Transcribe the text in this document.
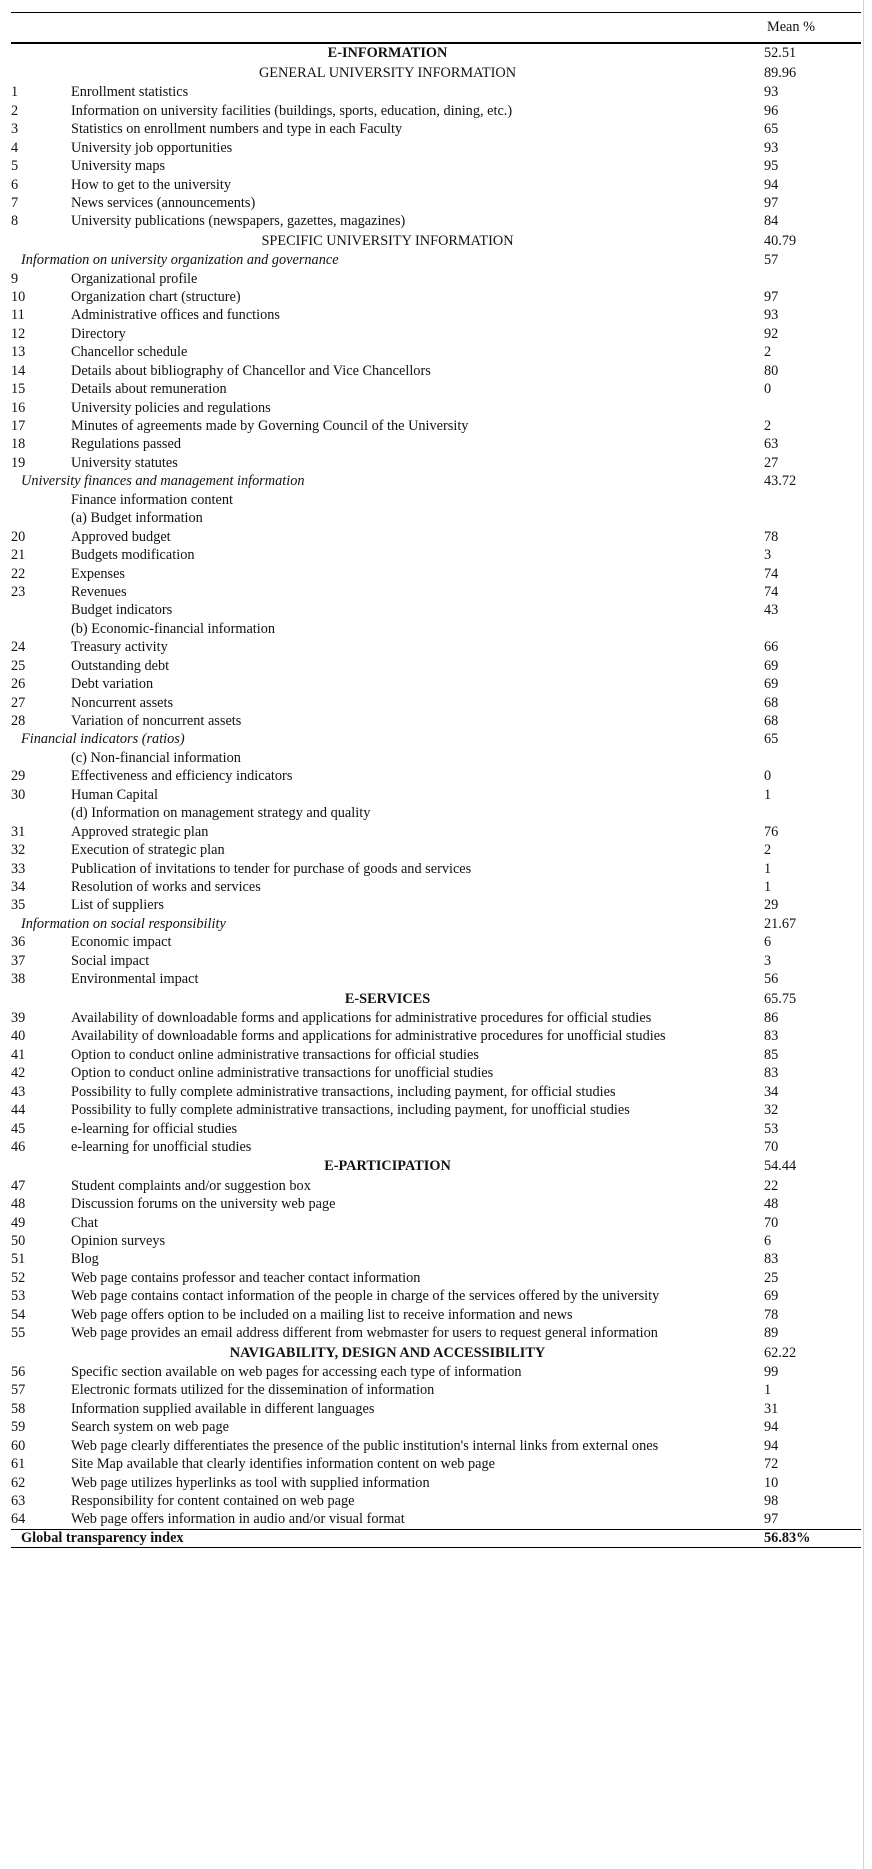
		Mean %
E-INFORMATION		52.51
GENERAL UNIVERSITY INFORMATION		89.96
1	Enrollment statistics	93
2	Information on university facilities (buildings, sports, education, dining, etc.)	96
3	Statistics on enrollment numbers and type in each Faculty	65
4	University job opportunities	93
5	University maps	95
6	How to get to the university	94
7	News services (announcements)	97
8	University publications (newspapers, gazettes, magazines)	84
SPECIFIC UNIVERSITY INFORMATION		40.79
Information on university organization and governance		57
9	Organizational profile	
10	Organization chart (structure)	97
11	Administrative offices and functions	93
12	Directory	92
13	Chancellor schedule	2
14	Details about bibliography of Chancellor and Vice Chancellors	80
15	Details about remuneration	0
16	University policies and regulations	
17	Minutes of agreements made by Governing Council of the University	2
18	Regulations passed	63
19	University statutes	27
University finances and management information		43.72
	Finance information content	
	(a) Budget information	
20	Approved budget	78
21	Budgets modification	3
22	Expenses	74
23	Revenues	74
	Budget indicators	43
	(b) Economic-financial information	
24	Treasury activity	66
25	Outstanding debt	69
26	Debt variation	69
27	Noncurrent assets	68
28	Variation of noncurrent assets	68
Financial indicators (ratios)		65
	(c) Non-financial information	
29	Effectiveness and efficiency indicators	0
30	Human Capital	1
	(d) Information on management strategy and quality	
31	Approved strategic plan	76
32	Execution of strategic plan	2
33	Publication of invitations to tender for purchase of goods and services	1
34	Resolution of works and services	1
35	List of suppliers	29
Information on social responsibility		21.67
36	Economic impact	6
37	Social impact	3
38	Environmental impact	56
E-SERVICES		65.75
39	Availability of downloadable forms and applications for administrative procedures for official studies	86
40	Availability of downloadable forms and applications for administrative procedures for unofficial studies	83
41	Option to conduct online administrative transactions for official studies	85
42	Option to conduct online administrative transactions for unofficial studies	83
43	Possibility to fully complete administrative transactions, including payment, for official studies	34
44	Possibility to fully complete administrative transactions, including payment, for unofficial studies	32
45	e-learning for official studies	53
46	e-learning for unofficial studies	70
E-PARTICIPATION		54.44
47	Student complaints and/or suggestion box	22
48	Discussion forums on the university web page	48
49	Chat	70
50	Opinion surveys	6
51	Blog	83
52	Web page contains professor and teacher contact information	25
53	Web page contains contact information of the people in charge of the services offered by the university	69
54	Web page offers option to be included on a mailing list to receive information and news	78
55	Web page provides an email address different from webmaster for users to request general information	89
NAVIGABILITY, DESIGN AND ACCESSIBILITY		62.22
56	Specific section available on web pages for accessing each type of information	99
57	Electronic formats utilized for the dissemination of information	1
58	Information supplied available in different languages	31
59	Search system on web page	94
60	Web page clearly differentiates the presence of the public institution's internal links from external ones	94
61	Site Map available that clearly identifies information content on web page	72
62	Web page utilizes hyperlinks as tool with supplied information	10
63	Responsibility for content contained on web page	98
64	Web page offers information in audio and/or visual format	97
Global transparency index		56.83%
